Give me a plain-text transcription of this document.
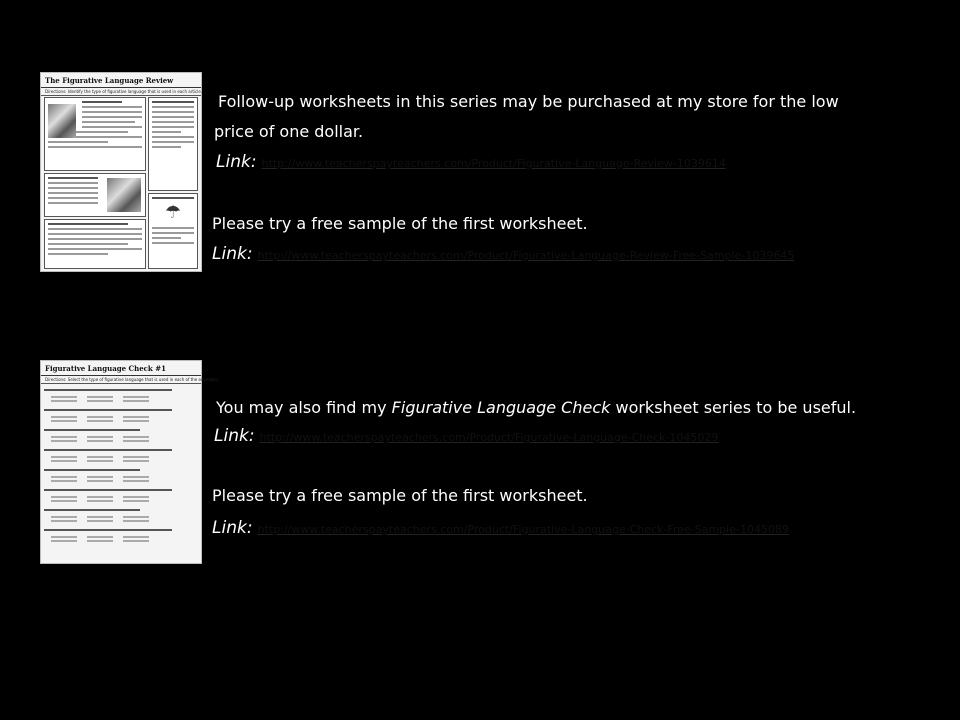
The Figurative Language Review
Directions: Identify the type of figurative language that is used in each article.
☂
Follow-up worksheets in this series may be purchased at my store for the low
price of one dollar.
Link: http://www.teacherspayteachers.com/Product/Figurative-Language-Review-1039614
Please try a free sample of the first worksheet.
Link: http://www.teacherspayteachers.com/Product/Figurative-Language-Review-Free-Sample-1039645
Figurative Language Check #1
Directions: Select the type of figurative language that is used in each of the examples.
You may also find my Figurative Language Check worksheet series to be useful.
Link: http://www.teacherspayteachers.com/Product/Figurative-Language-Check-1045029
Please try a free sample of the first worksheet.
Link: http://www.teacherspayteachers.com/Product/Figurative-Language-Check-Free-Sample-1045089
